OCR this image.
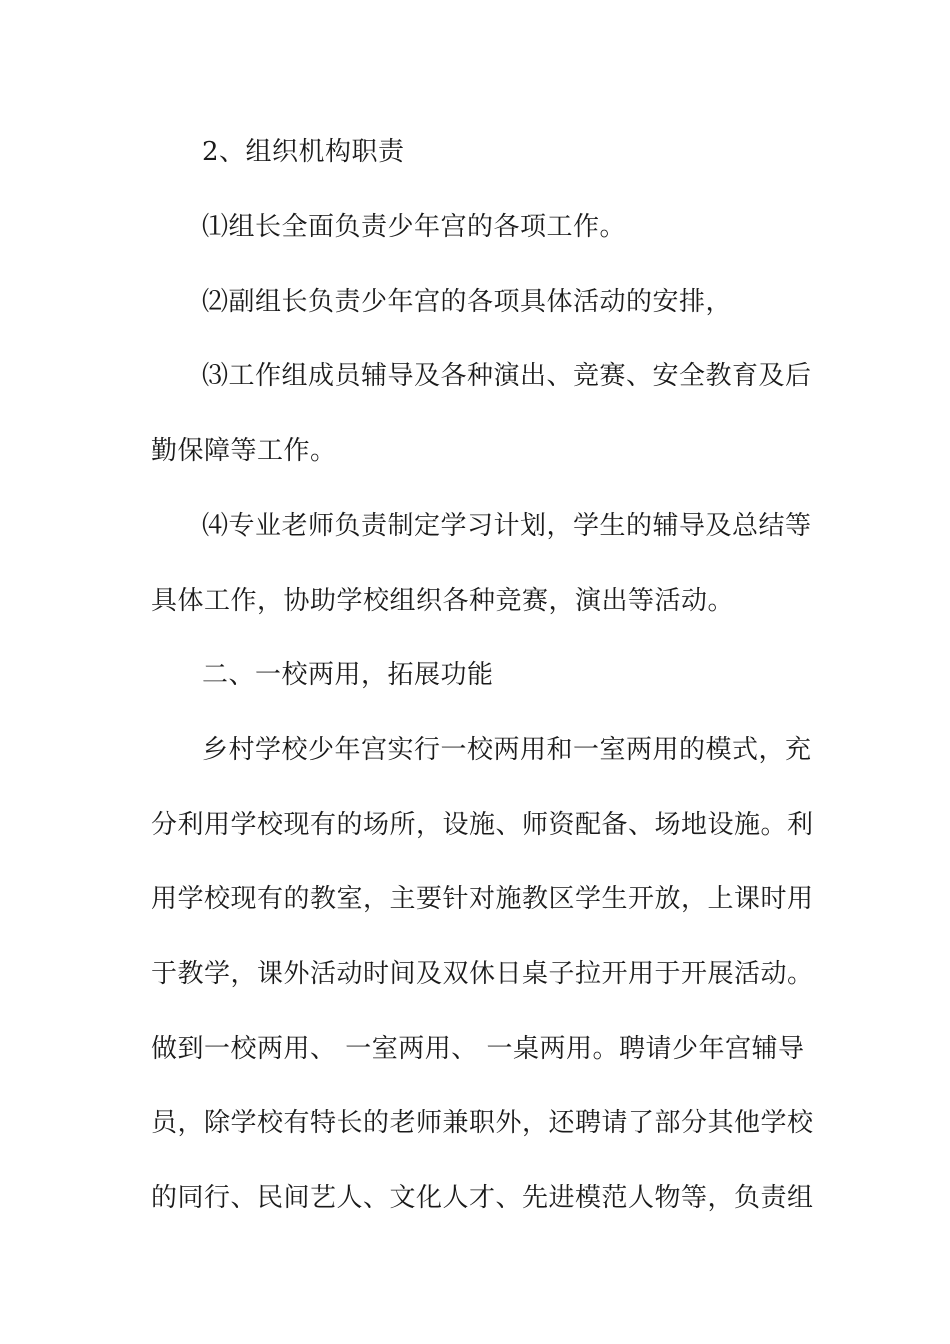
2、组织机构职责
⑴组长全面负责少年宫的各项工作。
⑵副组长负责少年宫的各项具体活动的安排，
⑶工作组成员辅导及各种演出、竞赛、安全教育及后
勤保障等工作。
⑷专业老师负责制定学习计划，学生的辅导及总结等
具体工作，协助学校组织各种竞赛，演出等活动。
二、一校两用，拓展功能
乡村学校少年宫实行一校两用和一室两用的模式，充
分利用学校现有的场所，设施、师资配备、场地设施。利
用学校现有的教室，主要针对施教区学生开放，上课时用
于教学，课外活动时间及双休日桌子拉开用于开展活动。
做到一校两用、 一室两用、 一桌两用。聘请少年宫辅导
员，除学校有特长的老师兼职外，还聘请了部分其他学校
的同行、民间艺人、文化人才、先进模范人物等，负责组
